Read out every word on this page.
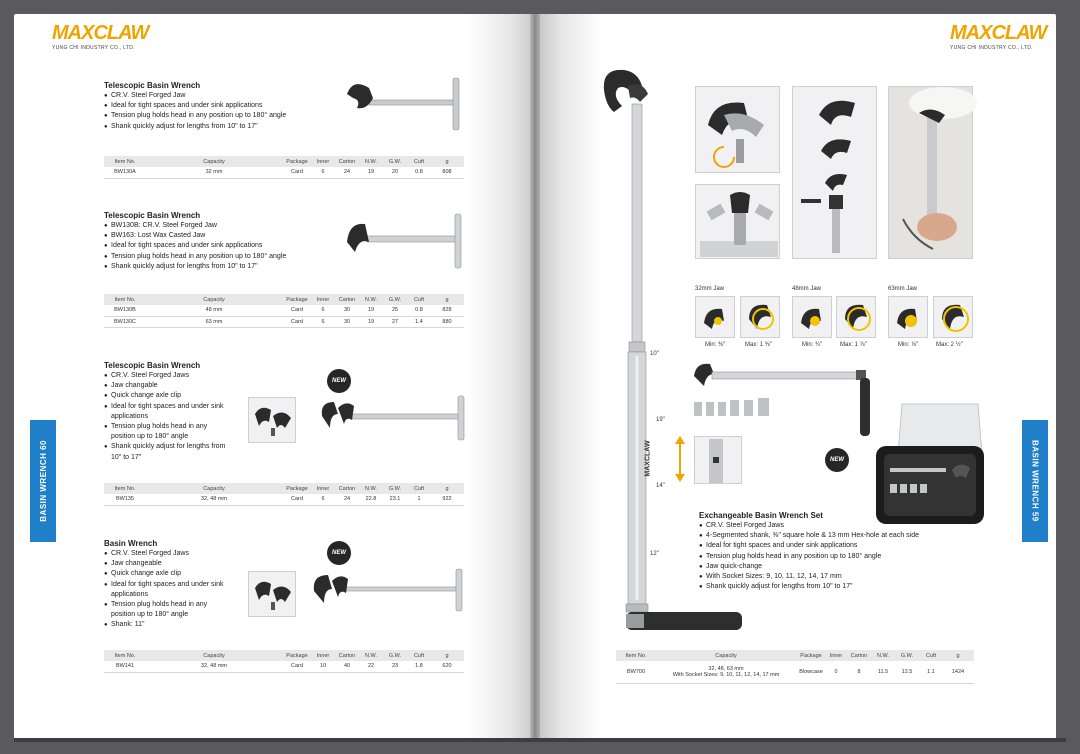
MAXCLAW
YUNG CHI INDUSTRY CO., LTD.
BASIN WRENCH 60
Telescopic Basin Wrench
● CR.V. Steel Forged Jaw
● Ideal for tight spaces and under sink applications
● Tension plug holds head in any position up to 180° angle
● Shank quickly adjust for lengths from 10" to 17"
Item No.	Capacity	Package	Inner	Carton	N.W.	G.W.	Cuft	g
BW130A	32 mm	Card	6	24	19	20	0.8	808
Telescopic Basin Wrench
● BW130B: CR.V. Steel Forged Jaw
● BW163: Lost Wax Casted Jaw
● Ideal for tight spaces and under sink applications
● Tension plug holds head in any position up to 180° angle
● Shank quickly adjust for lengths from 10" to 17"
Item No.	Capacity	Package	Inner	Carton	N.W.	G.W.	Cuft	g
BW130B	48 mm	Card	6	30	19	25	0.8	828
BW130C	63 mm	Card	6	30	19	27	1.4	880
Telescopic Basin Wrench
● CR.V. Steel Forged Jaws
● Jaw changable
● Quick change axle clip
● Ideal for tight spaces and under sink applications
● Tension plug holds head in any position up to 180° angle
● Shank quickly adjust for lengths from 10" to 17"
NEW
Item No.	Capacity	Package	Inner	Carton	N.W.	G.W.	Cuft	g
BW135	32, 48 mm	Card	6	24	22.8	23.1	1	922
Basin Wrench
● CR.V. Steel Forged Jaws
● Jaw changeable
● Quick change axle clip
● Ideal for tight spaces and under sink applications
● Tension plug holds head in any position up to 180° angle
● Shank: 11"
NEW
Item No.	Capacity	Package	Inner	Carton	N.W.	G.W.	Cuft	g
BW141	32, 48 mm	Card	10	40	22	23	1.8	620
MAXCLAW
YUNG CHI INDUSTRY CO., LTD.
BASIN WRENCH 59
10"
19"
14"
12"
MAXCLAW
32mm Jaw	48mm Jaw	63mm Jaw
Min: ⅜"	Max: 1 ⅜"	Min: ¾"	Max: 1 ⅞"	Min: ⅞"	Max: 2 ½"
NEW
Exchangeable Basin Wrench Set
● CR.V. Steel Forged Jaws
● 4-Segmented shank, ⅜" square hole & 13 mm Hex-hole at each side
● Ideal for tight spaces and under sink applications
● Tension plug holds head in any position up to 180° angle
● Jaw quick-change
● With Socket Sizes: 9, 10, 11, 12, 14, 17 mm
● Shank quickly adjust for lengths from 10" to 17"
Item No.	Capacity	Package	Inner	Carton	N.W.	G.W.	Cuft	g
BW700	32, 48, 63 mm
With Socket Sizes: 9, 10, 11, 12, 14, 17 mm	Blowcase	0	8	11.5	12.5	1.1	1424
